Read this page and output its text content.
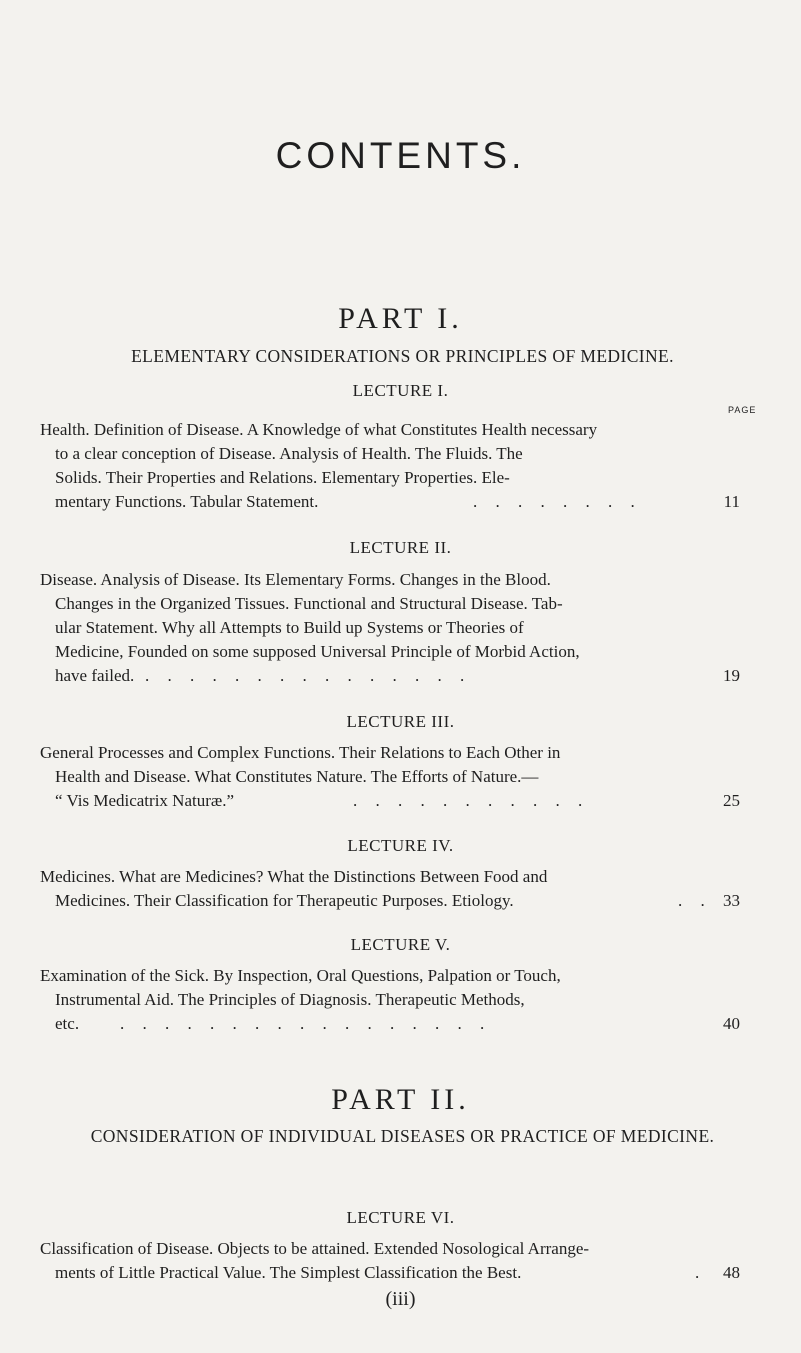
CONTENTS.
PART I.
ELEMENTARY CONSIDERATIONS OR PRINCIPLES OF MEDICINE.
LECTURE I.
PAGE
Health. Definition of Disease. A Knowledge of what Constitutes Health necessary
to a clear conception of Disease. Analysis of Health. The Fluids. The
Solids. Their Properties and Relations. Elementary Properties. Ele-
mentary Functions. Tabular Statement.	. . . . . . . .	11
LECTURE II.
Disease. Analysis of Disease. Its Elementary Forms. Changes in the Blood.
Changes in the Organized Tissues. Functional and Structural Disease. Tab-
ular Statement. Why all Attempts to Build up Systems or Theories of
Medicine, Founded on some supposed Universal Principle of Morbid Action,
have failed. . . . . . . . . . . . . . . .	19
LECTURE III.
General Processes and Complex Functions. Their Relations to Each Other in
Health and Disease. What Constitutes Nature. The Efforts of Nature.—
“ Vis Medicatrix Naturæ.”	. . . . . . . . . . .	25
LECTURE IV.
Medicines. What are Medicines? What the Distinctions Between Food and
Medicines. Their Classification for Therapeutic Purposes. Etiology.	. . 33
LECTURE V.
Examination of the Sick. By Inspection, Oral Questions, Palpation or Touch,
Instrumental Aid. The Principles of Diagnosis. Therapeutic Methods,
etc. . . . . . . . . . . . . . . . . .	40
PART II.
CONSIDERATION OF INDIVIDUAL DISEASES OR PRACTICE OF MEDICINE.
LECTURE VI.
Classification of Disease. Objects to be attained. Extended Nosological Arrange-
ments of Little Practical Value. The Simplest Classification the Best.	. 48
(iii)
